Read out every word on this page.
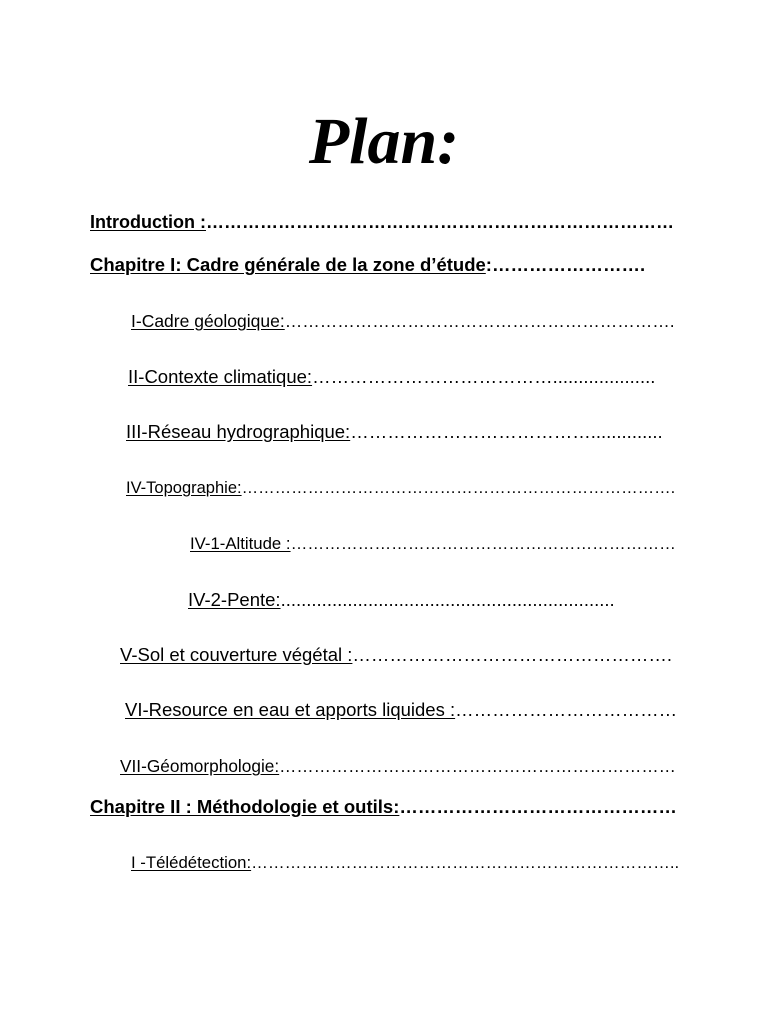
Plan:
Introduction :……………………………………………………………………
Chapitre I: Cadre générale de la zone d’étude:…………………….
I-Cadre géologique:………………………………………………………….
II-Contexte climatique:…………………………………....................
III-Réseau hydrographique:…………………………………..............
IV-Topographie:…………………………………………………………………….
IV-1-Altitude :……………………………………………………………
IV-2-Pente:.................................................................
V-Sol et couverture végétal :…………………………………………….
VI-Resource en eau et apports liquides :………………………………
VII-Géomorphologie:……………………………………………………………
Chapitre II : Méthodologie et outils:………………………………………
I -Télédétection:…………………………………………………………………..
